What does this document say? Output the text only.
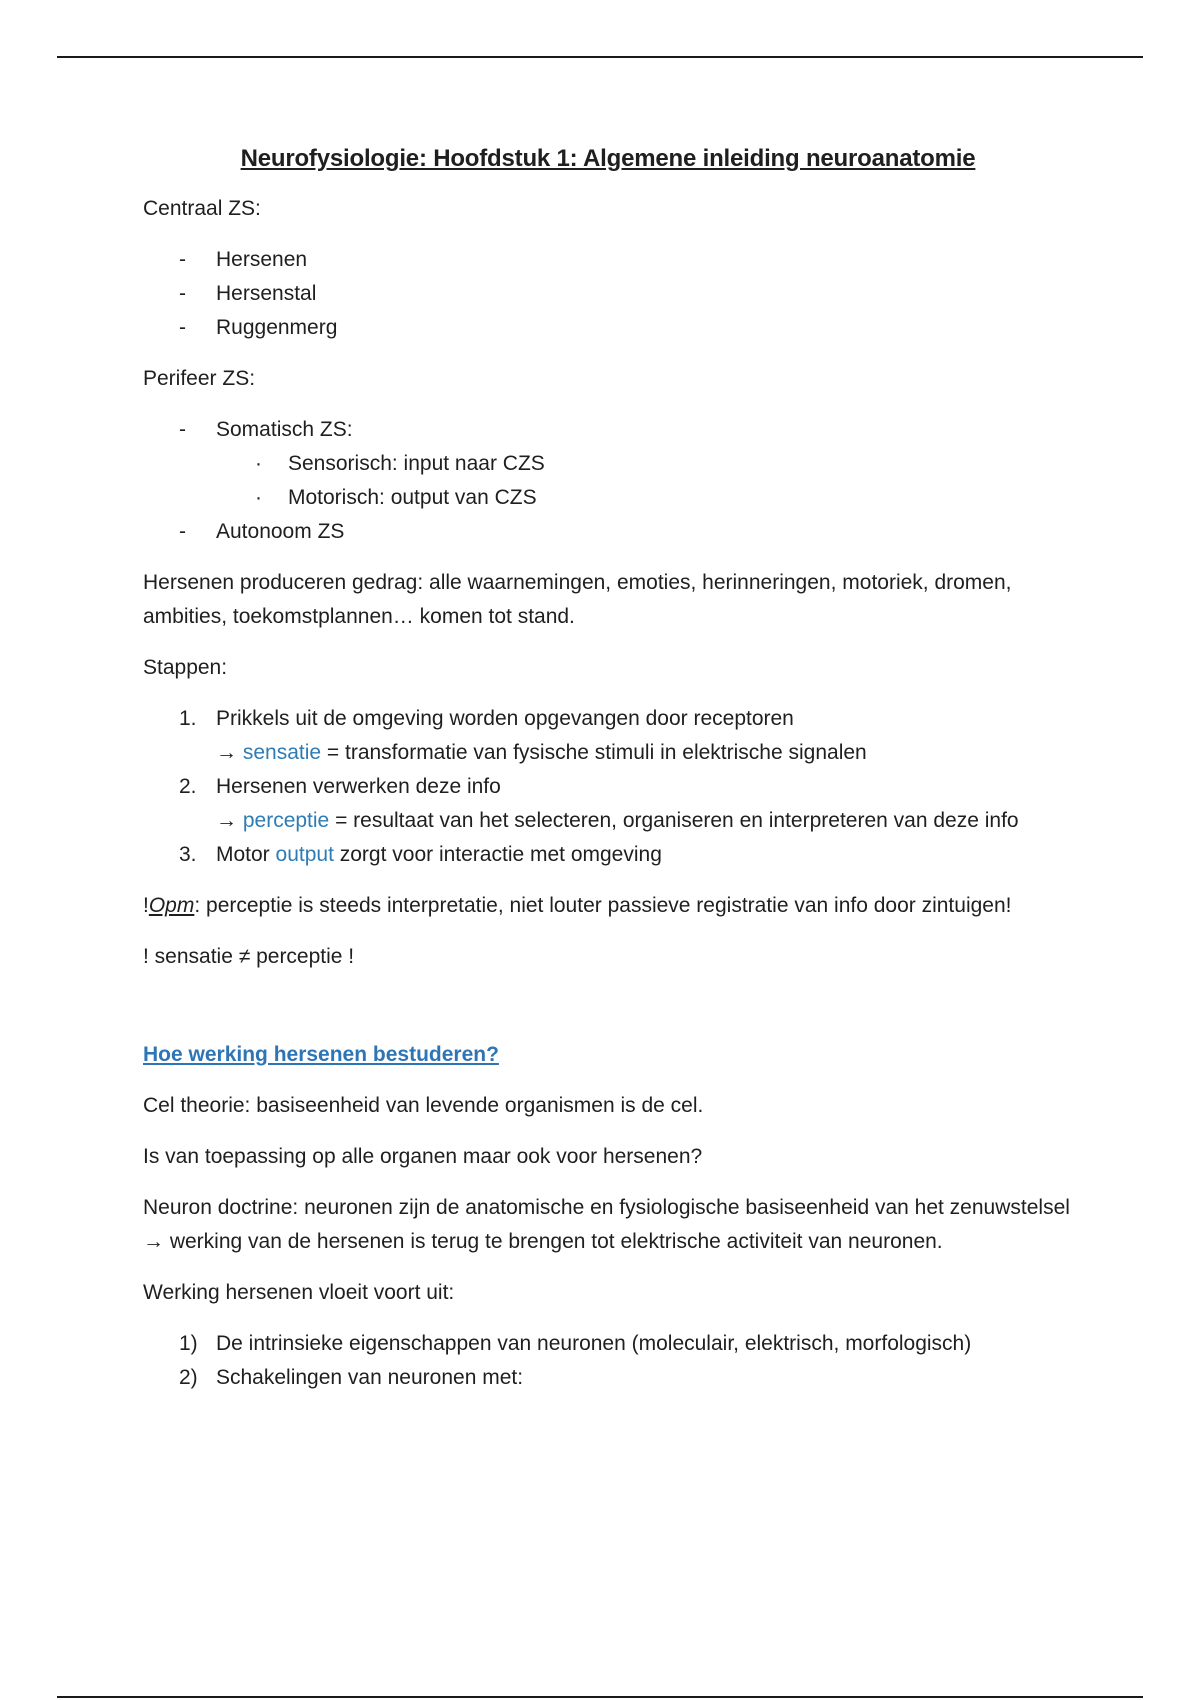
Neurofysiologie: Hoofdstuk 1: Algemene inleiding neuroanatomie

Centraal ZS:

- Hersenen
- Hersenstal
- Ruggenmerg

Perifeer ZS:

- Somatisch ZS:
· Sensorisch: input naar CZS
· Motorisch: output van CZS
- Autonoom ZS

Hersenen produceren gedrag: alle waarnemingen, emoties, herinneringen, motoriek, dromen, ambities, toekomstplannen… komen tot stand.

Stappen:

1. Prikkels uit de omgeving worden opgevangen door receptoren
→ sensatie = transformatie van fysische stimuli in elektrische signalen
2. Hersenen verwerken deze info
→ perceptie = resultaat van het selecteren, organiseren en interpreteren van deze info
3. Motor output zorgt voor interactie met omgeving

!Opm: perceptie is steeds interpretatie, niet louter passieve registratie van info door zintuigen!

! sensatie ≠ perceptie !

Hoe werking hersenen bestuderen?

Cel theorie: basiseenheid van levende organismen is de cel.

Is van toepassing op alle organen maar ook voor hersenen?

Neuron doctrine: neuronen zijn de anatomische en fysiologische basiseenheid van het zenuwstelsel → werking van de hersenen is terug te brengen tot elektrische activiteit van neuronen.

Werking hersenen vloeit voort uit:

1) De intrinsieke eigenschappen van neuronen (moleculair, elektrisch, morfologisch)
2) Schakelingen van neuronen met:
